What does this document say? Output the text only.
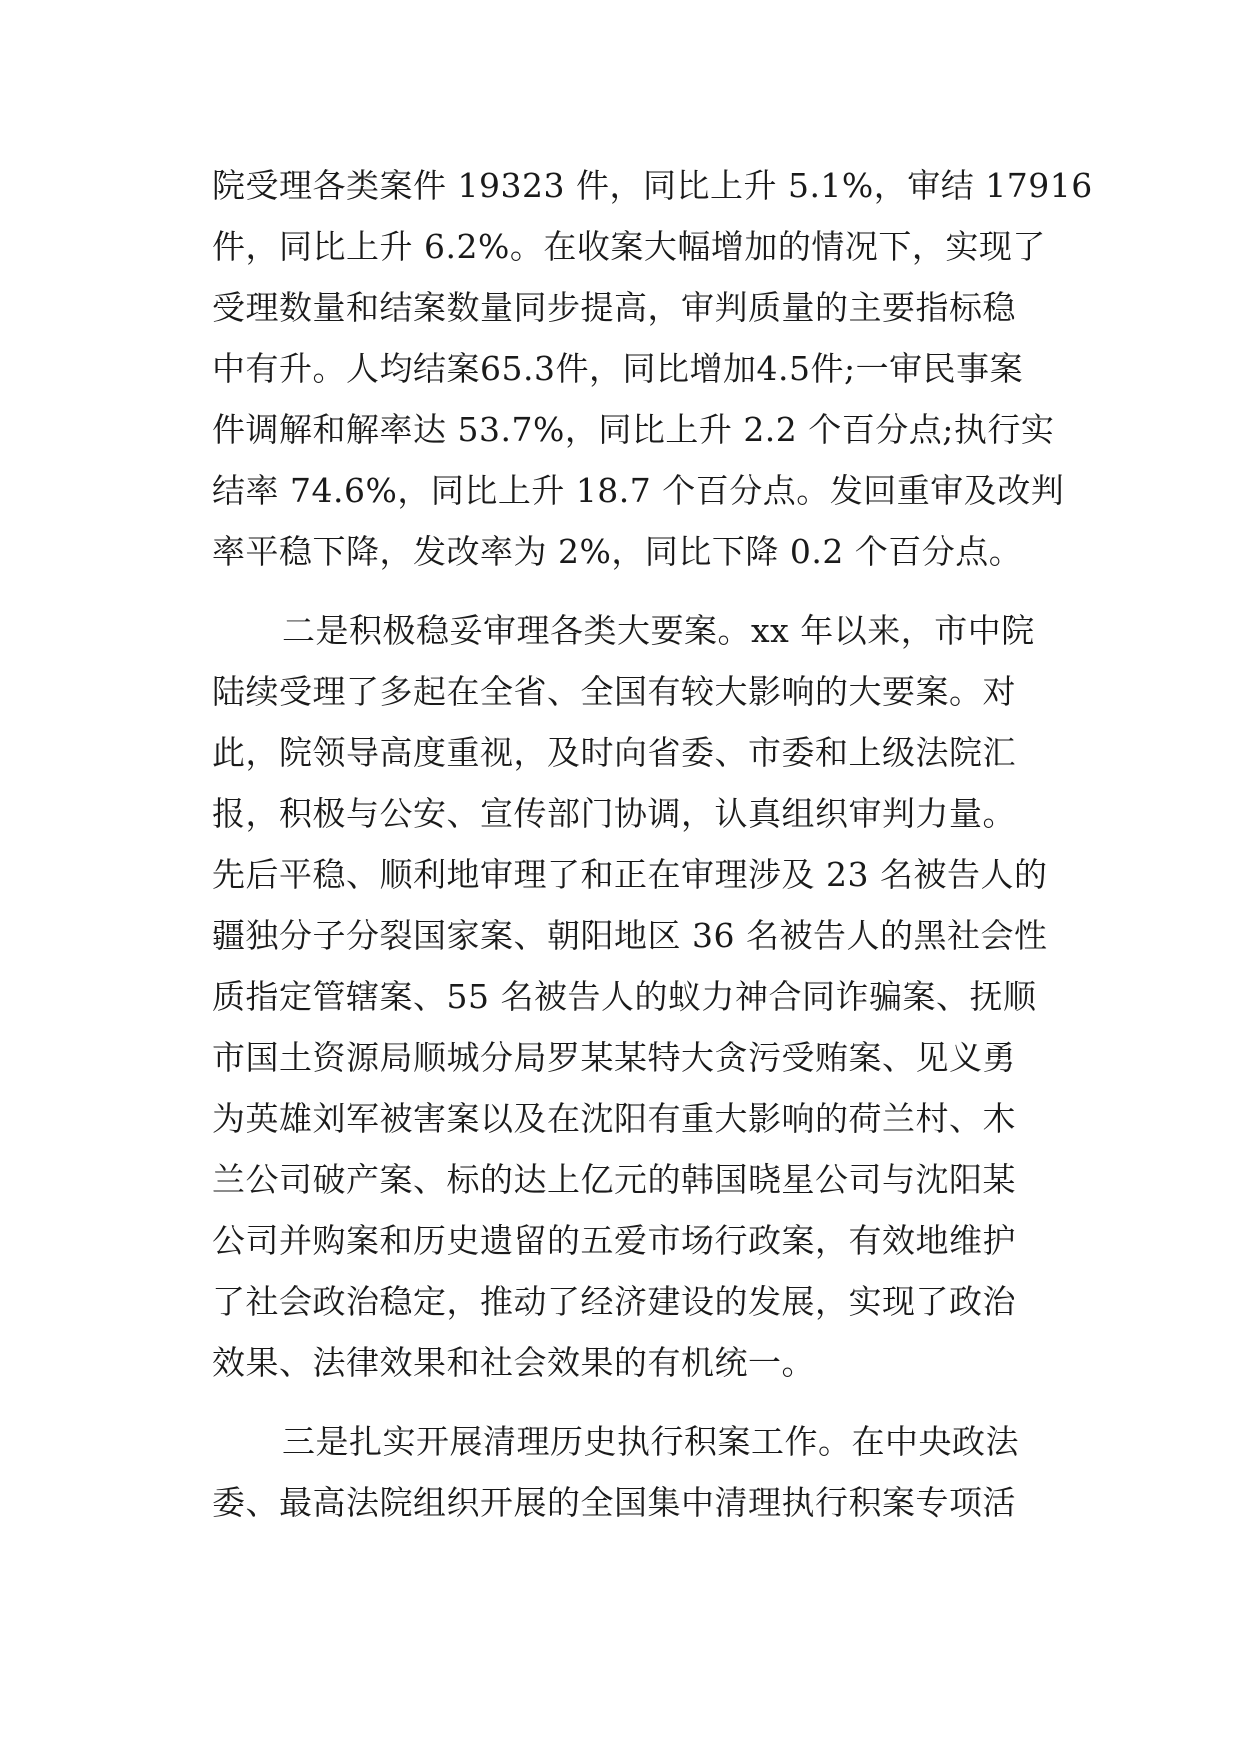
院受理各类案件 19323 件，同比上升 5.1%，审结 17916
件，同比上升 6.2%。在收案大幅增加的情况下，实现了
受理数量和结案数量同步提高，审判质量的主要指标稳
中有升。人均结案65.3件，同比增加4.5件;一审民事案
件调解和解率达 53.7%，同比上升 2.2 个百分点;执行实
结率 74.6%，同比上升 18.7 个百分点。发回重审及改判
率平稳下降，发改率为 2%，同比下降 0.2 个百分点。
二是积极稳妥审理各类大要案。xx 年以来，市中院
陆续受理了多起在全省、全国有较大影响的大要案。对
此，院领导高度重视，及时向省委、市委和上级法院汇
报，积极与公安、宣传部门协调，认真组织审判力量。
先后平稳、顺利地审理了和正在审理涉及 23 名被告人的
疆独分子分裂国家案、朝阳地区 36 名被告人的黑社会性
质指定管辖案、55 名被告人的蚁力神合同诈骗案、抚顺
市国土资源局顺城分局罗某某特大贪污受贿案、见义勇
为英雄刘军被害案以及在沈阳有重大影响的荷兰村、木
兰公司破产案、标的达上亿元的韩国晓星公司与沈阳某
公司并购案和历史遗留的五爱市场行政案，有效地维护
了社会政治稳定，推动了经济建设的发展，实现了政治
效果、法律效果和社会效果的有机统一。
三是扎实开展清理历史执行积案工作。在中央政法
委、最高法院组织开展的全国集中清理执行积案专项活
